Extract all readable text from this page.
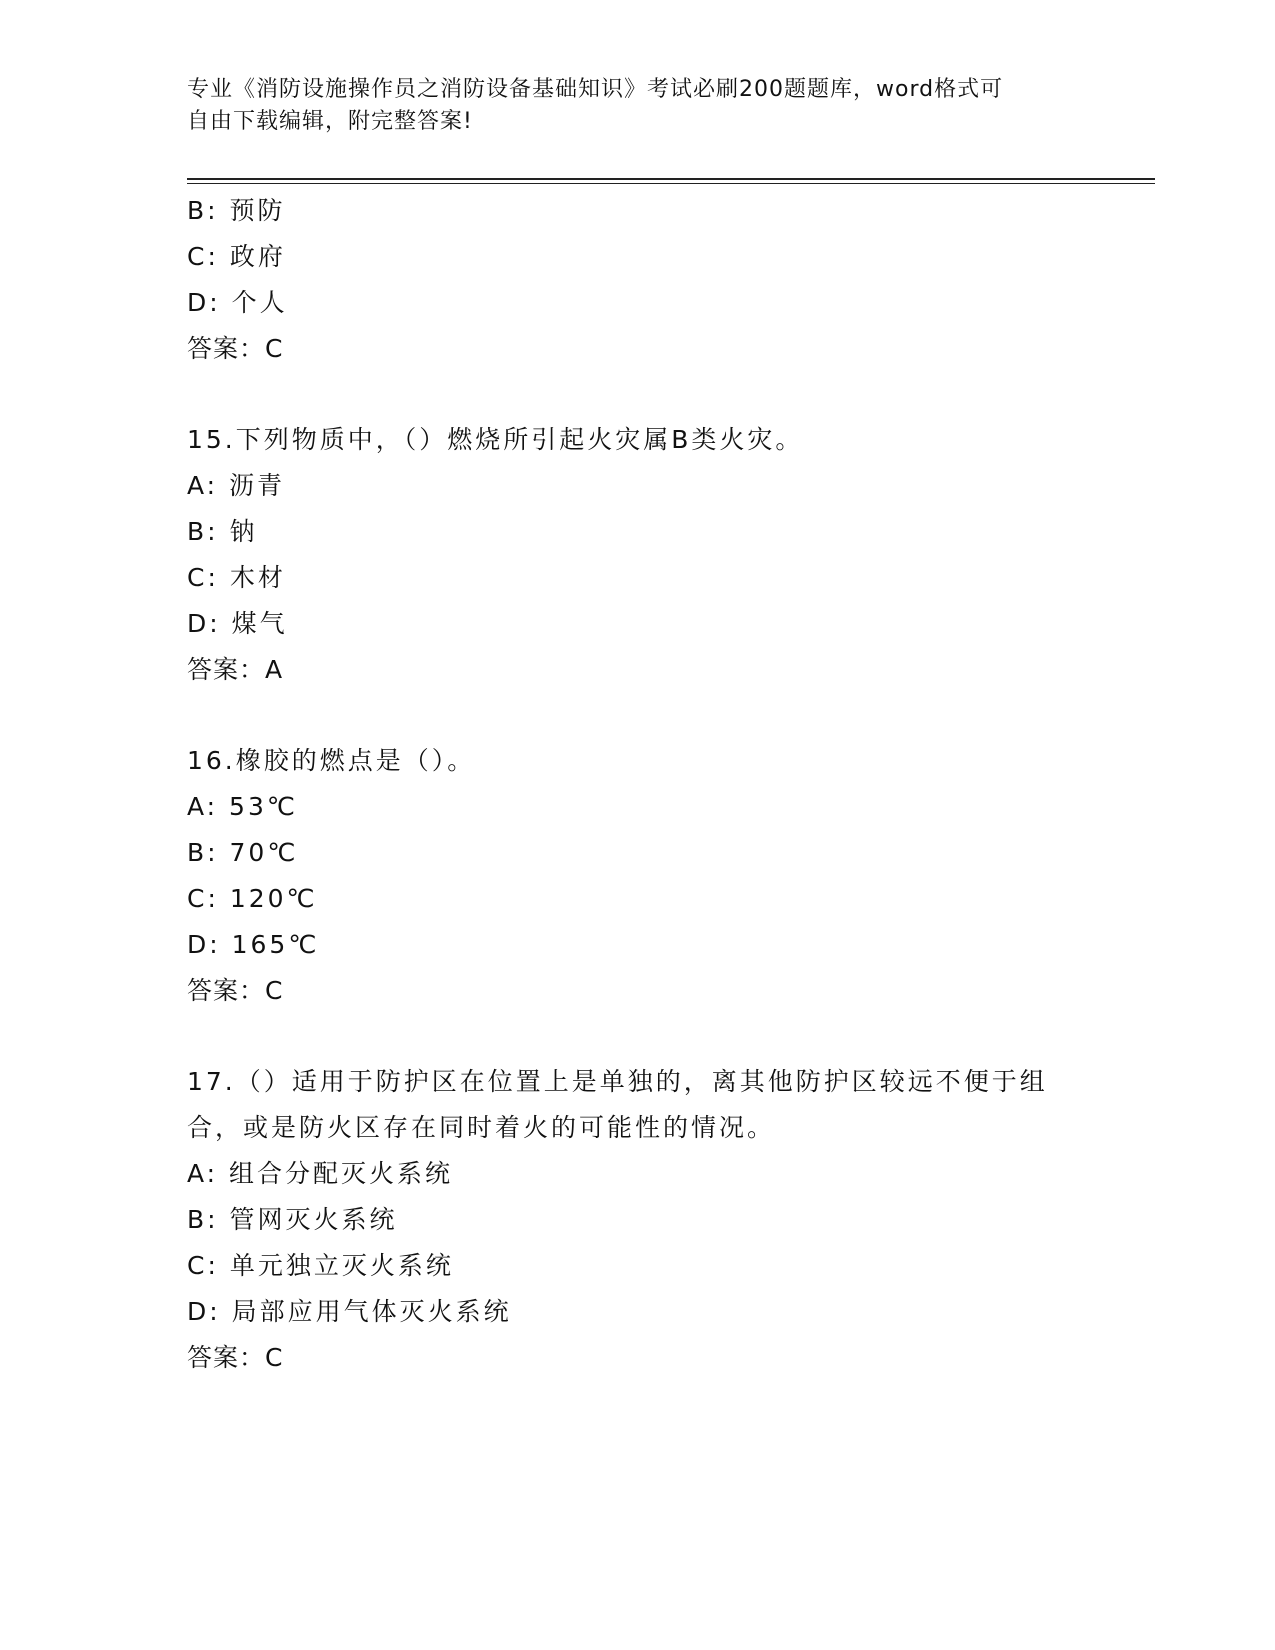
专业《消防设施操作员之消防设备基础知识》考试必刷200题题库，word格式可
自由下载编辑，附完整答案!
B: 预防
C: 政府
D: 个人
答案：C
15.下列物质中，（）燃烧所引起火灾属B类火灾。
A: 沥青
B: 钠
C: 木材
D: 煤气
答案：A
16.橡胶的燃点是（）。
A: 53℃
B: 70℃
C: 120℃
D: 165℃
答案：C
17.（）适用于防护区在位置上是单独的，离其他防护区较远不便于组
合，或是防火区存在同时着火的可能性的情况。
A: 组合分配灭火系统
B: 管网灭火系统
C: 单元独立灭火系统
D: 局部应用气体灭火系统
答案：C
